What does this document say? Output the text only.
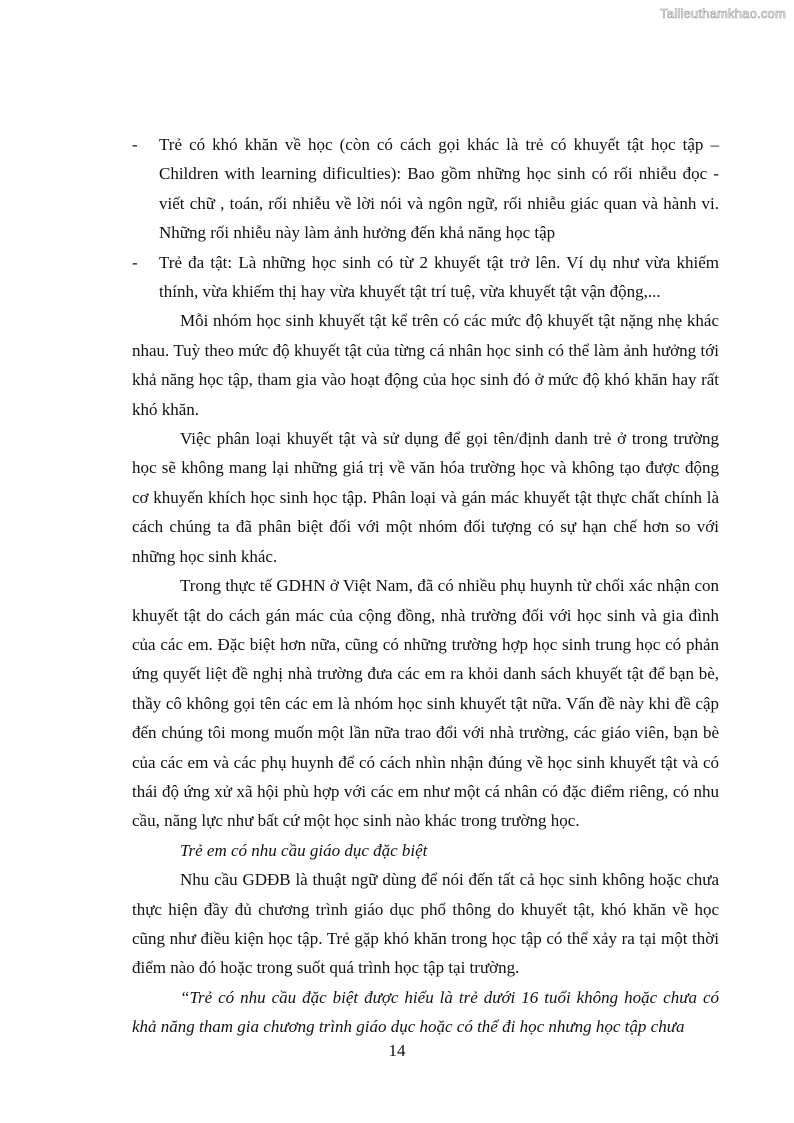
Tailieuthamkhao.com

- Trẻ có khó khăn về học (còn có cách gọi khác là trẻ có khuyết tật học tập – Children with learning dificulties): Bao gồm những học sinh có rối nhiễu đọc - viết chữ , toán, rối nhiễu về lời nói và ngôn ngữ, rối nhiễu giác quan và hành vi. Những rối nhiễu này làm ảnh hưởng đến khả năng học tập

- Trẻ đa tật: Là những học sinh có từ 2 khuyết tật trở lên. Ví dụ như vừa khiếm thính, vừa khiếm thị hay vừa khuyết tật trí tuệ, vừa khuyết tật vận động,...

Mỗi nhóm học sinh khuyết tật kể trên có các mức độ khuyết tật nặng nhẹ khác nhau. Tuỳ theo mức độ khuyết tật của từng cá nhân học sinh có thể làm ảnh hưởng tới khả năng học tập, tham gia vào hoạt động của học sinh đó ở mức độ khó khăn hay rất khó khăn.

Việc phân loại khuyết tật và sử dụng để gọi tên/định danh trẻ ở trong trường học sẽ không mang lại những giá trị về văn hóa trường học và không tạo được động cơ khuyến khích học sinh học tập. Phân loại và gán mác khuyết tật thực chất chính là cách chúng ta đã phân biệt đối với một nhóm đối tượng có sự hạn chế hơn so với những học sinh khác.

Trong thực tế GDHN ở Việt Nam, đã có nhiều phụ huynh từ chối xác nhận con khuyết tật do cách gán mác của cộng đồng, nhà trường đối với học sinh và gia đình của các em. Đặc biệt hơn nữa, cũng có những trường hợp học sinh trung học có phản ứng quyết liệt đề nghị nhà trường đưa các em ra khỏi danh sách khuyết tật để bạn bè, thầy cô không gọi tên các em là nhóm học sinh khuyết tật nữa. Vấn đề này khi đề cập đến chúng tôi mong muốn một lần nữa trao đổi với nhà trường, các giáo viên, bạn bè của các em và các phụ huynh để có cách nhìn nhận đúng về học sinh khuyết tật và có thái độ ứng xử xã hội phù hợp với các em như một cá nhân có đặc điểm riêng, có nhu cầu, năng lực như bất cứ một học sinh nào khác trong trường học.

Trẻ em có nhu cầu giáo dục đặc biệt

Nhu cầu GDĐB là thuật ngữ dùng để nói đến tất cả học sinh không hoặc chưa thực hiện đầy đủ chương trình giáo dục phổ thông do khuyết tật, khó khăn về học cũng như điều kiện học tập. Trẻ gặp khó khăn trong học tập có thể xảy ra tại một thời điểm nào đó hoặc trong suốt quá trình học tập tại trường.

“Trẻ có nhu cầu đặc biệt được hiểu là trẻ dưới 16 tuổi không hoặc chưa có khả năng tham gia chương trình giáo dục hoặc có thể đi học nhưng học tập chưa

14
